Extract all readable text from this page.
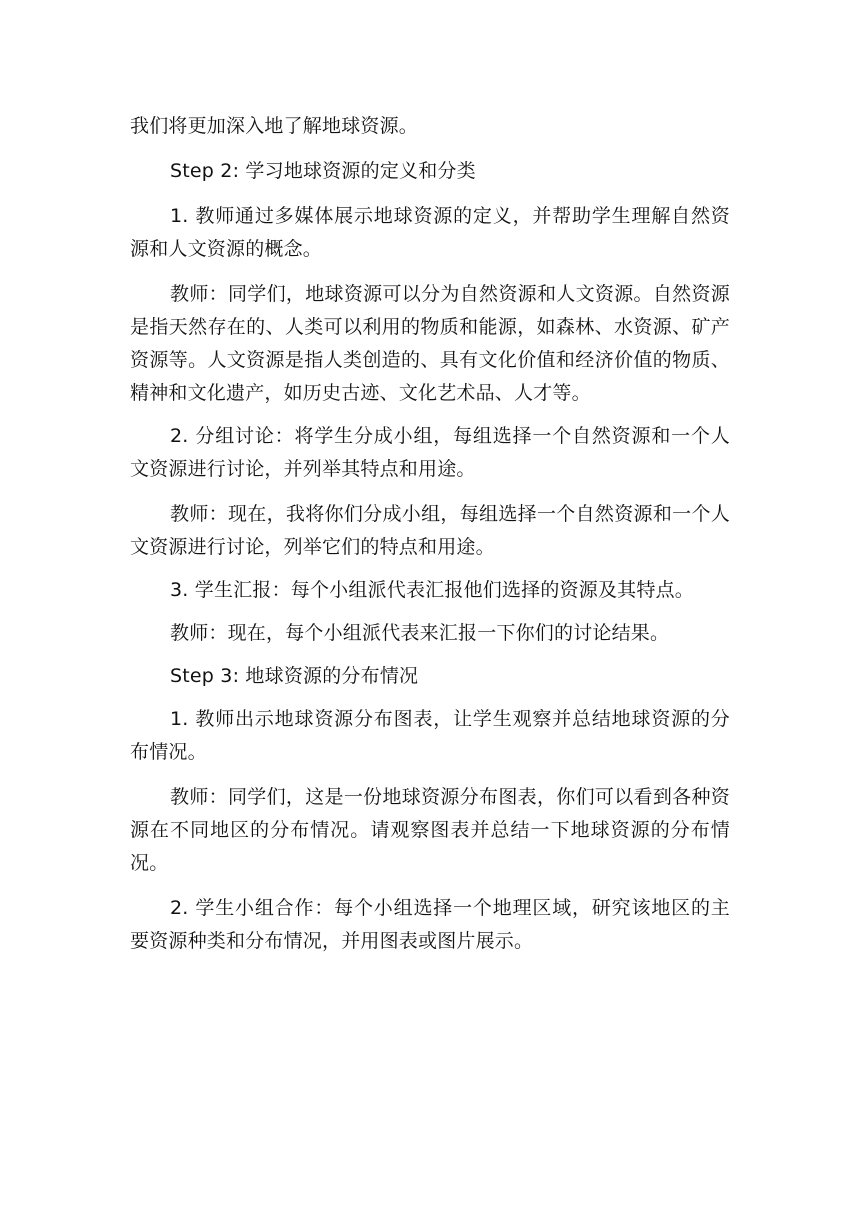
我们将更加深入地了解地球资源。

Step 2: 学习地球资源的定义和分类

1. 教师通过多媒体展示地球资源的定义，并帮助学生理解自然资源和人文资源的概念。

教师：同学们，地球资源可以分为自然资源和人文资源。自然资源是指天然存在的、人类可以利用的物质和能源，如森林、水资源、矿产资源等。人文资源是指人类创造的、具有文化价值和经济价值的物质、精神和文化遗产，如历史古迹、文化艺术品、人才等。

2. 分组讨论：将学生分成小组，每组选择一个自然资源和一个人文资源进行讨论，并列举其特点和用途。

教师：现在，我将你们分成小组，每组选择一个自然资源和一个人文资源进行讨论，列举它们的特点和用途。

3. 学生汇报：每个小组派代表汇报他们选择的资源及其特点。

教师：现在，每个小组派代表来汇报一下你们的讨论结果。

Step 3: 地球资源的分布情况

1. 教师出示地球资源分布图表，让学生观察并总结地球资源的分布情况。

教师：同学们，这是一份地球资源分布图表，你们可以看到各种资源在不同地区的分布情况。请观察图表并总结一下地球资源的分布情况。

2. 学生小组合作：每个小组选择一个地理区域，研究该地区的主要资源种类和分布情况，并用图表或图片展示。
